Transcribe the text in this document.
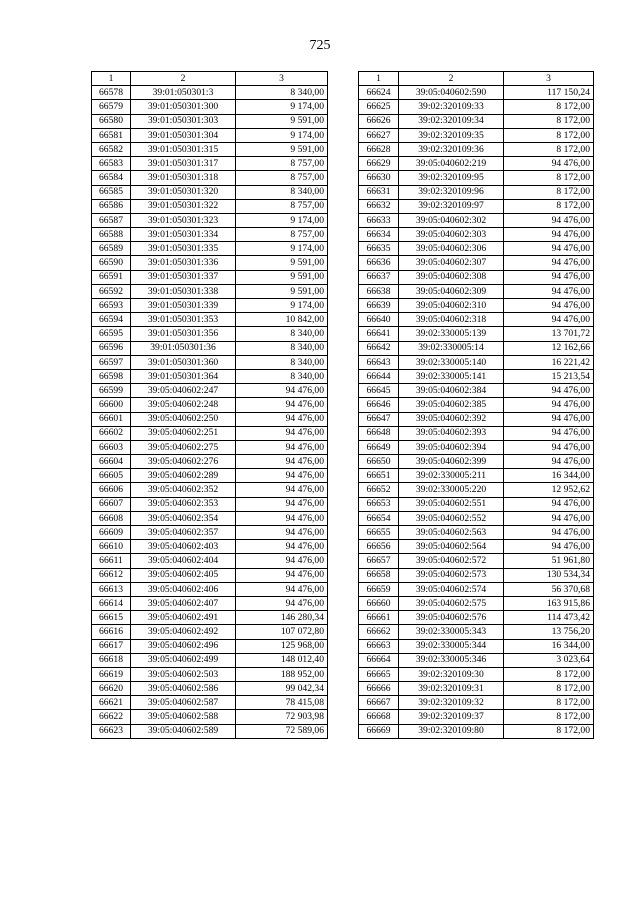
725
1	2	3
66578	39:01:050301:3	8 340,00
66579	39:01:050301:300	9 174,00
66580	39:01:050301:303	9 591,00
66581	39:01:050301:304	9 174,00
66582	39:01:050301:315	9 591,00
66583	39:01:050301:317	8 757,00
66584	39:01:050301:318	8 757,00
66585	39:01:050301:320	8 340,00
66586	39:01:050301:322	8 757,00
66587	39:01:050301:323	9 174,00
66588	39:01:050301:334	8 757,00
66589	39:01:050301:335	9 174,00
66590	39:01:050301:336	9 591,00
66591	39:01:050301:337	9 591,00
66592	39:01:050301:338	9 591,00
66593	39:01:050301:339	9 174,00
66594	39:01:050301:353	10 842,00
66595	39:01:050301:356	8 340,00
66596	39:01:050301:36	8 340,00
66597	39:01:050301:360	8 340,00
66598	39:01:050301:364	8 340,00
66599	39:05:040602:247	94 476,00
66600	39:05:040602:248	94 476,00
66601	39:05:040602:250	94 476,00
66602	39:05:040602:251	94 476,00
66603	39:05:040602:275	94 476,00
66604	39:05:040602:276	94 476,00
66605	39:05:040602:289	94 476,00
66606	39:05:040602:352	94 476,00
66607	39:05:040602:353	94 476,00
66608	39:05:040602:354	94 476,00
66609	39:05:040602:357	94 476,00
66610	39:05:040602:403	94 476,00
66611	39:05:040602:404	94 476,00
66612	39:05:040602:405	94 476,00
66613	39:05:040602:406	94 476,00
66614	39:05:040602:407	94 476,00
66615	39:05:040602:491	146 280,34
66616	39:05:040602:492	107 072,80
66617	39:05:040602:496	125 968,00
66618	39:05:040602:499	148 012,40
66619	39:05:040602:503	188 952,00
66620	39:05:040602:586	99 042,34
66621	39:05:040602:587	78 415,08
66622	39:05:040602:588	72 903,98
66623	39:05:040602:589	72 589,06
1	2	3
66624	39:05:040602:590	117 150,24
66625	39:02:320109:33	8 172,00
66626	39:02:320109:34	8 172,00
66627	39:02:320109:35	8 172,00
66628	39:02:320109:36	8 172,00
66629	39:05:040602:219	94 476,00
66630	39:02:320109:95	8 172,00
66631	39:02:320109:96	8 172,00
66632	39:02:320109:97	8 172,00
66633	39:05:040602:302	94 476,00
66634	39:05:040602:303	94 476,00
66635	39:05:040602:306	94 476,00
66636	39:05:040602:307	94 476,00
66637	39:05:040602:308	94 476,00
66638	39:05:040602:309	94 476,00
66639	39:05:040602:310	94 476,00
66640	39:05:040602:318	94 476,00
66641	39:02:330005:139	13 701,72
66642	39:02:330005:14	12 162,66
66643	39:02:330005:140	16 221,42
66644	39:02:330005:141	15 213,54
66645	39:05:040602:384	94 476,00
66646	39:05:040602:385	94 476,00
66647	39:05:040602:392	94 476,00
66648	39:05:040602:393	94 476,00
66649	39:05:040602:394	94 476,00
66650	39:05:040602:399	94 476,00
66651	39:02:330005:211	16 344,00
66652	39:02:330005:220	12 952,62
66653	39:05:040602:551	94 476,00
66654	39:05:040602:552	94 476,00
66655	39:05:040602:563	94 476,00
66656	39:05:040602:564	94 476,00
66657	39:05:040602:572	51 961,80
66658	39:05:040602:573	130 534,34
66659	39:05:040602:574	56 370,68
66660	39:05:040602:575	163 915,86
66661	39:05:040602:576	114 473,42
66662	39:02:330005:343	13 756,20
66663	39:02:330005:344	16 344,00
66664	39:02:330005:346	3 023,64
66665	39:02:320109:30	8 172,00
66666	39:02:320109:31	8 172,00
66667	39:02:320109:32	8 172,00
66668	39:02:320109:37	8 172,00
66669	39:02:320109:80	8 172,00
